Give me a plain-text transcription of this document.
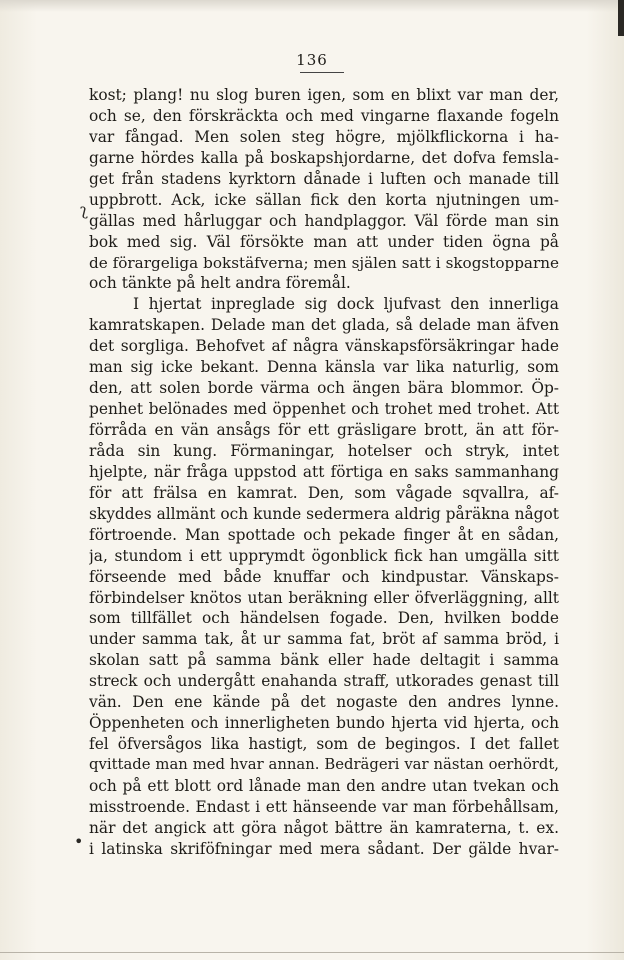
136
ʅ
•
kost; plang! nu slog buren igen, som en blixt var man der,
och se, den förskräckta och med vingarne flaxande fogeln
var fångad. Men solen steg högre, mjölkflickorna i ha-
garne hördes kalla på boskapshjordarne, det dofva femsla-
get från stadens kyrktorn dånade i luften och manade till
uppbrott. Ack, icke sällan fick den korta njutningen um-
gällas med hårluggar och handplaggor. Väl förde man sin
bok med sig. Väl försökte man att under tiden ögna på
de förargeliga bokstäfverna; men själen satt i skogstopparne
och tänkte på helt andra föremål.
I hjertat inpreglade sig dock ljufvast den innerliga
kamratskapen. Delade man det glada, så delade man äfven
det sorgliga. Behofvet af några vänskapsförsäkringar hade
man sig icke bekant. Denna känsla var lika naturlig, som
den, att solen borde värma och ängen bära blommor. Öp-
penhet belönades med öppenhet och trohet med trohet. Att
förråda en vän ansågs för ett gräsligare brott, än att för-
råda sin kung. Förmaningar, hotelser och stryk, intet
hjelpte, när fråga uppstod att förtiga en saks sammanhang
för att frälsa en kamrat. Den, som vågade sqvallra, af-
skyddes allmänt och kunde sedermera aldrig påräkna något
förtroende. Man spottade och pekade finger åt en sådan,
ja, stundom i ett upprymdt ögonblick fick han umgälla sitt
förseende med både knuffar och kindpustar. Vänskaps-
förbindelser knötos utan beräkning eller öfverläggning, allt
som tillfället och händelsen fogade. Den, hvilken bodde
under samma tak, åt ur samma fat, bröt af samma bröd, i
skolan satt på samma bänk eller hade deltagit i samma
streck och undergått enahanda straff, utkorades genast till
vän. Den ene kände på det nogaste den andres lynne.
Öppenheten och innerligheten bundo hjerta vid hjerta, och
fel öfversågos lika hastigt, som de begingos. I det fallet
qvittade man med hvar annan. Bedrägeri var nästan oerhördt,
och på ett blott ord lånade man den andre utan tvekan och
misstroende. Endast i ett hänseende var man förbehållsam,
när det angick att göra något bättre än kamraterna, t. ex.
i latinska skriföfningar med mera sådant. Der gälde hvar-
